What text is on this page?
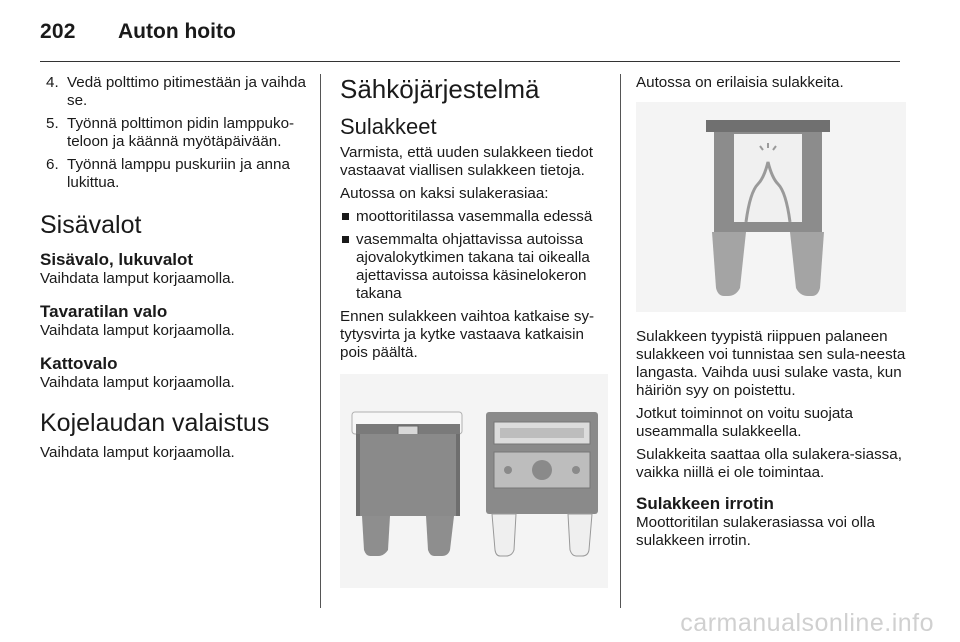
202 Auton hoito
4. Vedä polttimo pitimestään ja vaihda se.
5. Työnnä polttimon pidin lamppuko-teloon ja käännä myötäpäivään.
6. Työnnä lamppu puskuriin ja anna lukittua.
Sisävalot
Sisävalo, lukuvalot

Vaihdata lamput korjaamolla.

Tavaratilan valo

Vaihdata lamput korjaamolla.

Kattovalo

Vaihdata lamput korjaamolla.

Kojelaudan valaistus

Vaihdata lamput korjaamolla.

Sähköjärjestelmä
Sulakkeet

Varmista, että uuden sulakkeen tiedot vastaavat viallisen sulakkeen tietoja.

Autossa on kaksi sulakerasiaa:

moottoritilassa vasemmalla edessä
vasemmalta ohjattavissa autoissa ajovalokytkimen takana tai oikealla ajettavissa autoissa käsinelokeron takana

Ennen sulakkeen vaihtoa katkaise sy-tytysvirta ja kytke vastaava katkaisin pois päältä.

Autossa on erilaisia sulakkeita.

Sulakkeen tyypistä riippuen palaneen sulakkeen voi tunnistaa sen sula-neesta langasta. Vaihda uusi sulake vasta, kun häiriön syy on poistettu.

Jotkut toiminnot on voitu suojata useammalla sulakkeella.

Sulakkeita saattaa olla sulakera-siassa, vaikka niillä ei ole toimintaa.

Sulakkeen irrotin

Moottoritilan sulakerasiassa voi olla sulakkeen irrotin.

carmanualsonline.info
